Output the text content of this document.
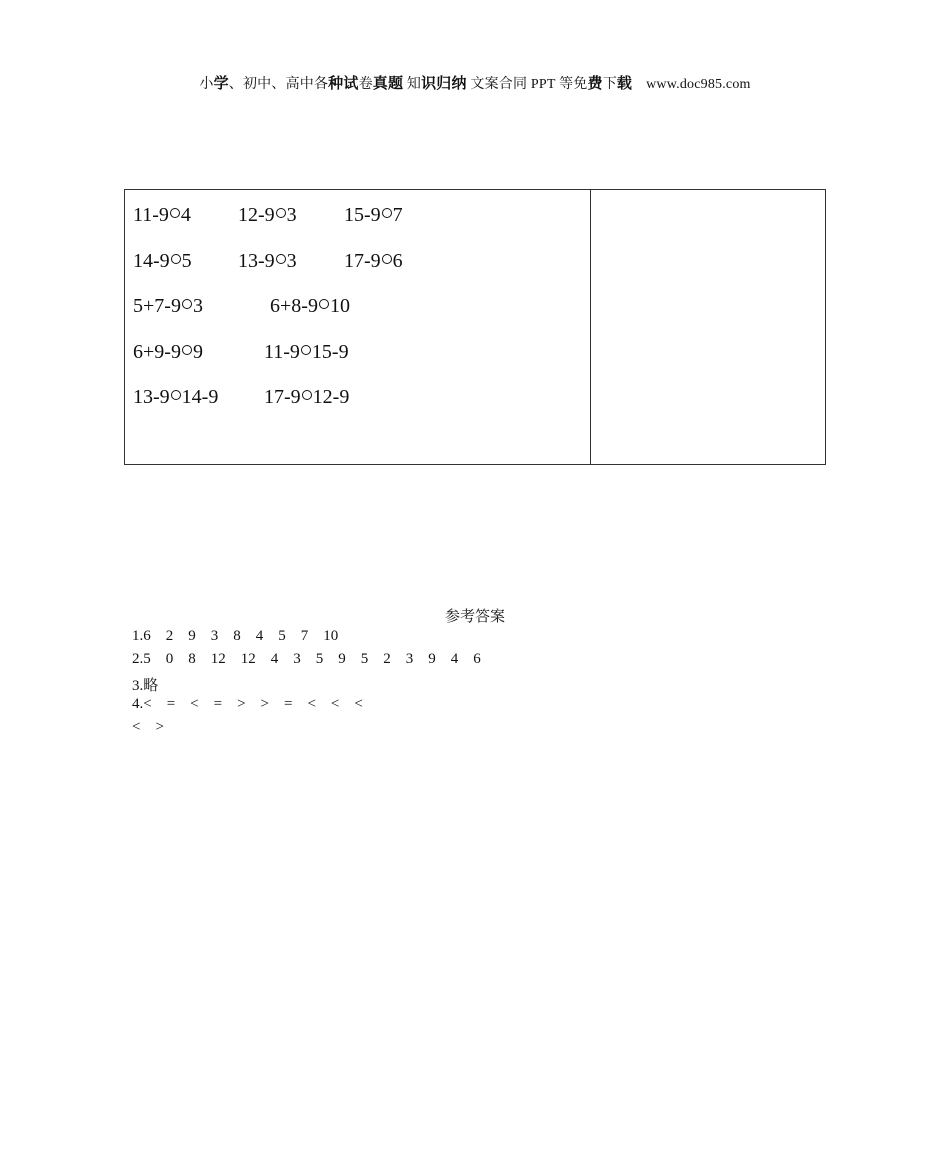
小学、初中、高中各种试卷真题 知识归纳 文案合同 PPT 等免费下载 www.doc985.com
11-9 4 12-9 3 15-9 7
14-9 5 13-9 3 17-9 6
5+7-9 3	6+8-9 10
6+9-9 9	11-9 15-9
13-9 14-9 17-9 12-9
参考答案
1.6    2    9    3    8    4    5    7    10
2.5    0    8    12    12    4    3    5    9    5    2    3    9    4    6
3.略
4.<    =    <    =    >    >    =    <    <    <
<    >
